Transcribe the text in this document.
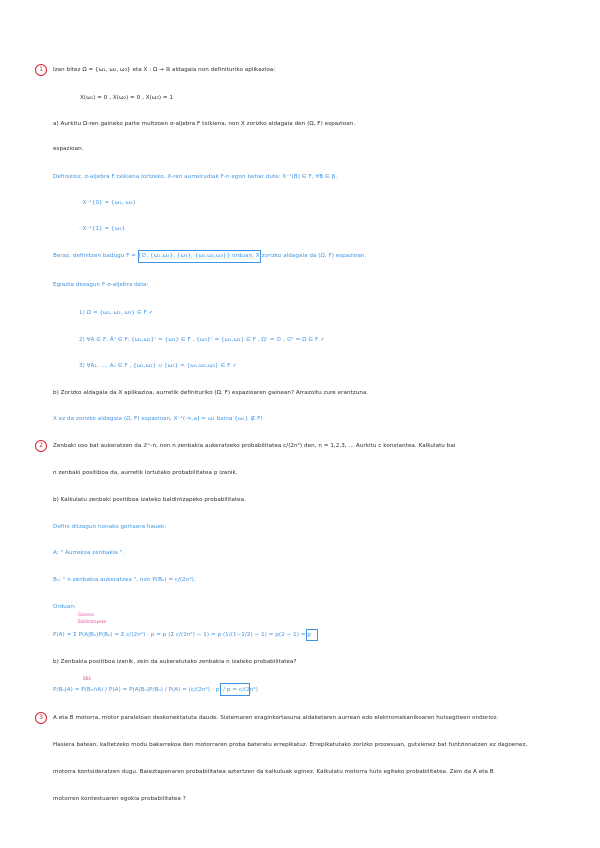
1	Izan bitez Ω = {ω₁, ω₂, ω₃} eta X : Ω → ℝ aldagaia non definituriko aplikazioa:
X(ω₁) = 0 , X(ω₂) = 0 , X(ω₃) = 1
a) Aurkitu Ω-ren gaineko parte multzoen σ-aljebra F txikiena, non X zorizko aldagaia den (Ω, F) espazioan.
espazioan.
Definizioz, σ-aljebra F txikiena lortzeko, X-ren aurreirudiak F-n egon behar dute: X⁻¹(B) ∈ F, ∀B ∈ β.
· X⁻¹{0} = {ω₁, ω₂}
· X⁻¹{1} = {ω₃}
Beraz, definitzen badugu F = {∅, {ω₁,ω₂}, {ω₃}, {ω₁,ω₂,ω₃}} orduan, X zorizko aldagaia da (Ω, F) espazioan.
Egiazta dezagun F σ-aljebra dela:
1) Ω = {ω₁, ω₂, ω₃} ∈ F ✓
2) ∀A ∈ F, Āᶜ ∈ F: {ω₁,ω₂}ᶜ = {ω₃} ∈ F , {ω₃}ᶜ = {ω₁,ω₂} ∈ F , Ωᶜ = ∅ , ∅ᶜ = Ω ∈ F ✓
3) ∀A₁, …, Aₙ ∈ F , {ω₁,ω₂} ∪ {ω₃} = {ω₁,ω₂,ω₃} ∈ F ✓
b) Zorizko aldagaia da X aplikazioa, aurretik definituriko (Ω, F) espazioaren gainean? Arrazoitu zure erantzuna.
X ez da zorizko aldagaia (Ω, F) espazioan, X⁻¹(-∞,a] = ω₁ baina {ω₁} ∉ F!
2	Zenbaki oso bat aukeratzen da ℤ⁺-n, non n zenbakia aukeratzeko probabilitatea c/(2n²) den, n = 1,2,3, … Aurkitu c konstantea. Kalkulatu bai
n zenbaki positiboa da, aurretik lortutako probabilitatea p izanik.
b) Kalkulatu zenbaki positiboa izateko baldintzapeko probabilitatea.
Defini ditzagun honako gertaera hauek:
A: " Aurrekoa zenbakia ".
Bₙ: " n zenbakia aukeratzea ", non P(Bₙ) = c/(2n²).
Orduan:
Gainera
Baldintzapeko
P(A) = Σ P(A|Bₙ)P(Bₙ) = Σ c/(2n²) · p = p (Σ c/(2n²) − 1) = p (1/(1−1/2) − 1) = p(2 − 1) = p
b) Zenbakia positiboa izanik, zein da aukeratutako zenbakia n izateko probabilitatea?
BBE
P(Bₙ|A) = P(Bₙ∩A) / P(A) = P(A|Bₙ)P(Bₙ) / P(A) = (c/(2n²) · p) / p = c/(2n²)
3	A eta B motorra, motor paraleloan deskonektatuta daude. Sistemaren eraginkortasuna aldaketaren aurrean edo elektromekanikoaren hutsegiteen ondorioz.
Hasiera batean, kaltetzeko modu bakarrekoa den motorraren proba bateratu errepikatuz. Errepikatutako zorizko prozesuan, gutxienez bat funtzionatzen ez dagoenez,
motorra kontsideratzen dugu. Baieztapenaren probabilitatea aztertzen da kalkuluak eginez. Kalkulatu motorra huts egiteko probabilitatea. Zein da A eta B
motorren kontestuaren egokia probabilitatea ?
